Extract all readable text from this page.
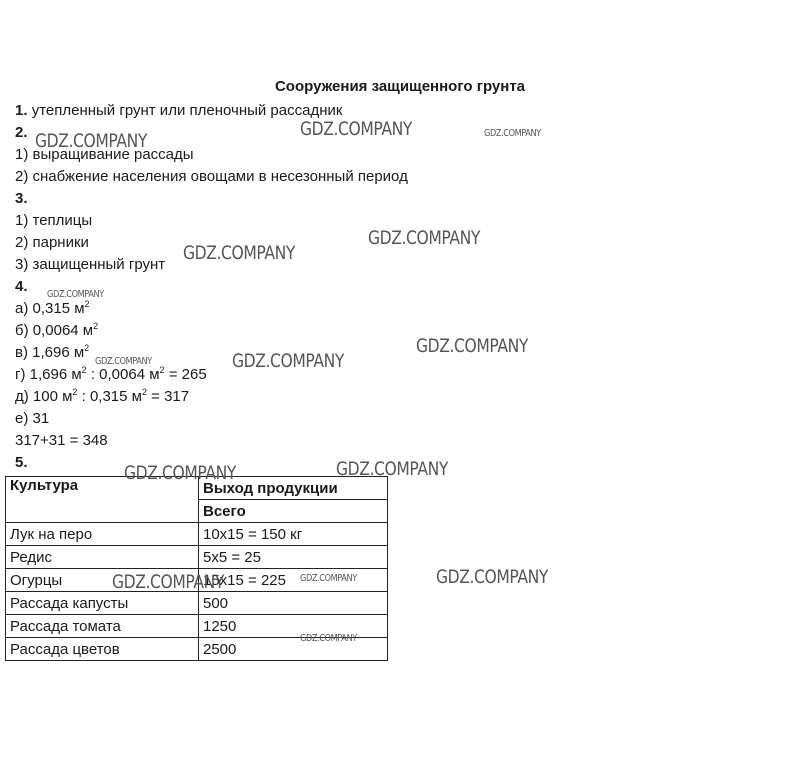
Сооружения защищенного грунта
1. утепленный грунт или пленочный рассадник
2.
1) выращивание рассады
2) снабжение населения овощами в несезонный период
3.
1) теплицы
2) парники
3) защищенный грунт
4.
а) 0,315 $м^2$
б) 0,0064 $м^2$
в) 1,696 $м^2$
г) 1,696 $м^2$ : 0,0064 $м^2 = 265$
д) 100 $м^2$ : 0,315 $м^2 = 317$
е) 31
317+31 = 348
5.
Культура	Выход продукции
	Всего
Лук на перо	10х15 = 150 кг
Редис	5х5 = 25
Огурцы	15х15 = 225
Рассада капусты	500
Рассада томата	1250
Рассада цветов	2500
GDZ.COMPANY
GDZ.COMPANY	GDZ.COMPANY
GDZ.COMPANY
GDZ.COMPANY
GDZ.COMPANY
GDZ.COMPANY
GDZ.COMPANY	GDZ.COMPANY
GDZ.COMPANY	GDZ.COMPANY
GDZ.COMPANY	GDZ.COMPANY	GDZ.COMPANY
GDZ.COMPANY
